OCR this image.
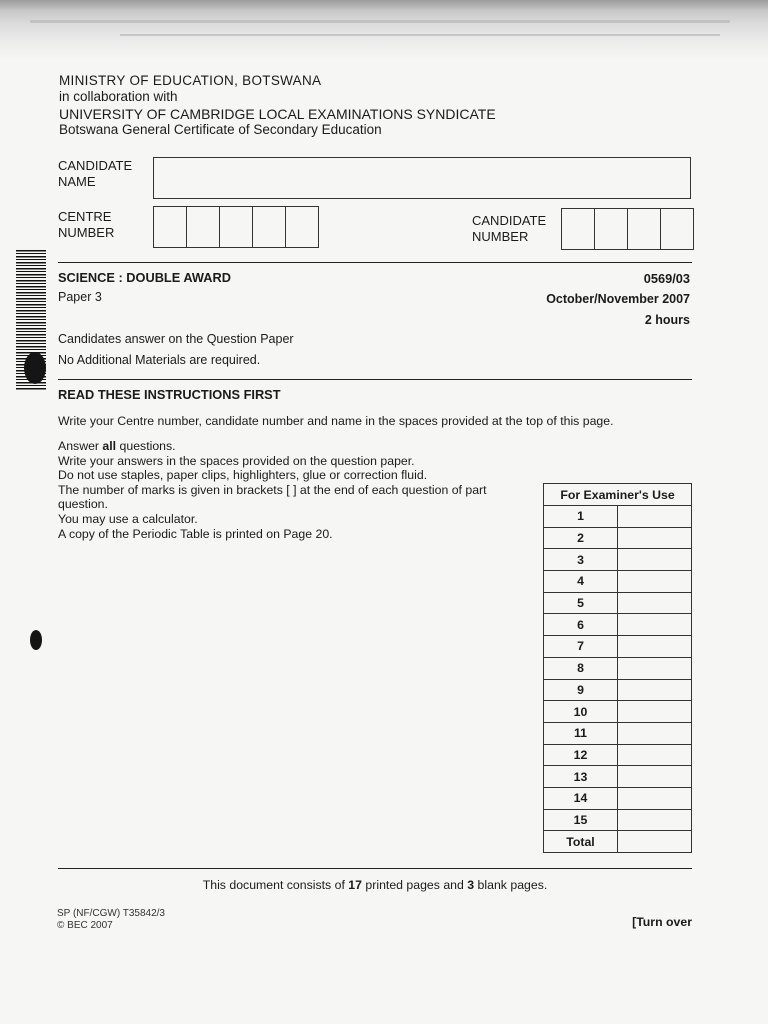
MINISTRY OF EDUCATION, BOTSWANA
in collaboration with
UNIVERSITY OF CAMBRIDGE LOCAL EXAMINATIONS SYNDICATE
Botswana General Certificate of Secondary Education
CANDIDATE
NAME
CENTRE
NUMBER
CANDIDATE
NUMBER
SCIENCE : DOUBLE AWARD	0569/03
Paper 3	October/November 2007
2 hours
Candidates answer on the Question Paper
No Additional Materials are required.
READ THESE INSTRUCTIONS FIRST
Write your Centre number, candidate number and name in the spaces provided at the top of this page.
Answer all questions.
Write your answers in the spaces provided on the question paper.
Do not use staples, paper clips, highlighters, glue or correction fluid.
The number of marks is given in brackets [ ] at the end of each question of part
question.
You may use a calculator.
A copy of the Periodic Table is printed on Page 20.
For Examiner's Use	
1	
2	
3	
4	
5	
6	
7	
8	
9	
10	
11	
12	
13	
14	
15	
Total	
This document consists of 17 printed pages and 3 blank pages.
SP (NF/CGW) T35842/3
© BEC 2007	[Turn over
